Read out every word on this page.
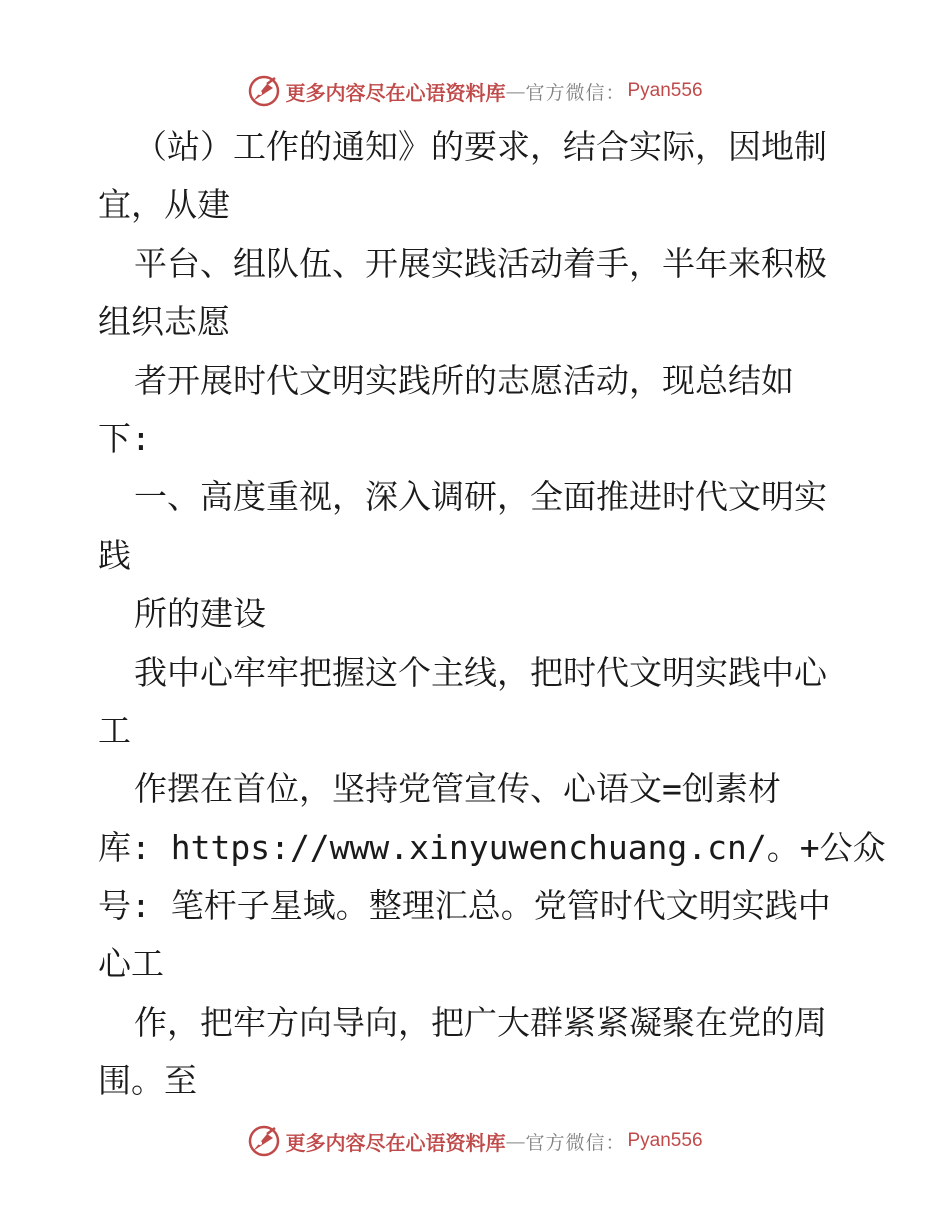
更多内容尽在心语资料库 — 官方微信： Pyan556
（站）工作的通知》的要求，结合实际，因地制
宜，从建
平台、组队伍、开展实践活动着手，半年来积极
组织志愿
者开展时代文明实践所的志愿活动，现总结如
下:
一、高度重视，深入调研，全面推进时代文明实
践
所的建设
我中心牢牢把握这个主线，把时代文明实践中心
工
作摆在首位，坚持党管宣传、心语文=创素材
库: https://www.xinyuwenchuang.cn/。+公众
号: 笔杆子星域。整理汇总。党管时代文明实践中
心工
作，把牢方向导向，把广大群紧紧凝聚在党的周
围。至
更多内容尽在心语资料库 — 官方微信： Pyan556
